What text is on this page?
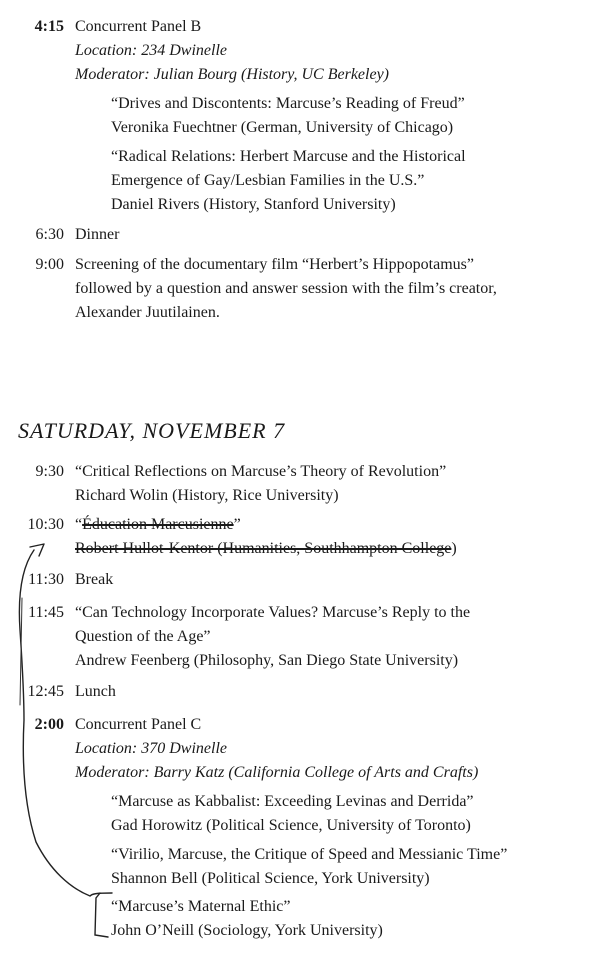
4:15 Concurrent Panel B
Location: 234 Dwinelle
Moderator: Julian Bourg (History, UC Berkeley)
“Drives and Discontents: Marcuse’s Reading of Freud”
Veronika Fuechtner (German, University of Chicago)
“Radical Relations: Herbert Marcuse and the Historical
Emergence of Gay/Lesbian Families in the U.S.”
Daniel Rivers (History, Stanford University)
6:30 Dinner
9:00 Screening of the documentary film “Herbert’s Hippopotamus”
followed by a question and answer session with the film’s creator,
Alexander Juutilainen.
SATURDAY, NOVEMBER 7
9:30 “Critical Reflections on Marcuse’s Theory of Revolution”
Richard Wolin (History, Rice University)
10:30 “Éducation Marcusienne”
Robert Hullot-Kentor (Humanities, Southhampton College)
11:30 Break
11:45 “Can Technology Incorporate Values? Marcuse’s Reply to the
Question of the Age”
Andrew Feenberg (Philosophy, San Diego State University)
12:45 Lunch
2:00 Concurrent Panel C
Location: 370 Dwinelle
Moderator: Barry Katz (California College of Arts and Crafts)
“Marcuse as Kabbalist: Exceeding Levinas and Derrida”
Gad Horowitz (Political Science, University of Toronto)
“Virilio, Marcuse, the Critique of Speed and Messianic Time”
Shannon Bell (Political Science, York University)
“Marcuse’s Maternal Ethic”
John O’Neill (Sociology, York University)
